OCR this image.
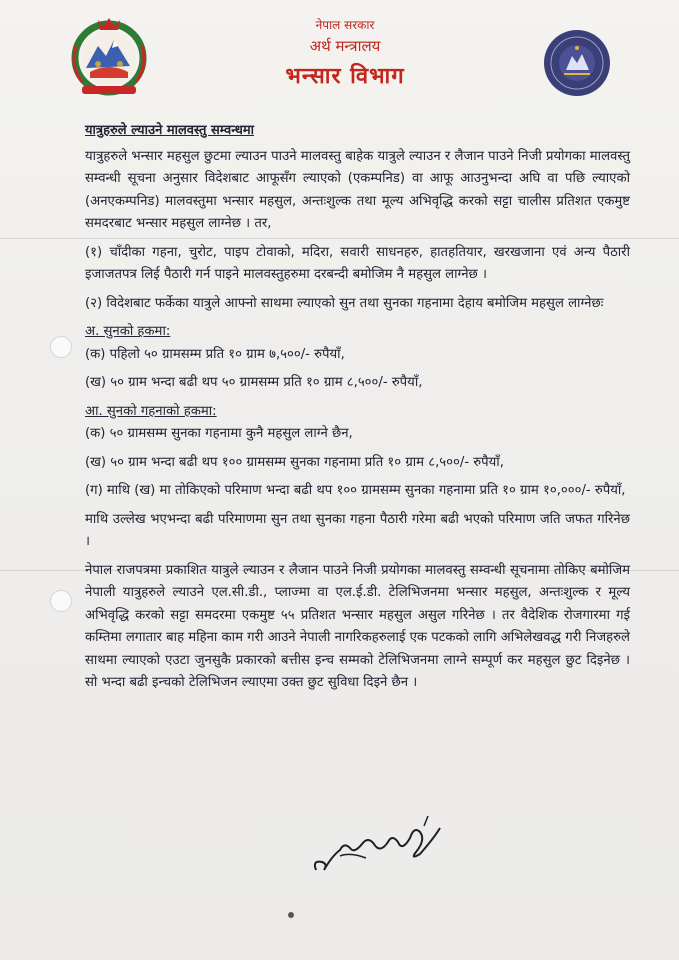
नेपाल सरकार
अर्थ मन्त्रालय
भन्सार विभाग
यात्रुहरुले ल्याउने मालवस्तु सम्वन्धमा

यात्रुहरुले भन्सार महसुल छुटमा ल्याउन पाउने मालवस्तु बाहेक यात्रुले ल्याउन र लैजान पाउने निजी प्रयोगका मालवस्तु सम्वन्धी सूचना अनुसार विदेशबाट आफूसँग ल्याएको (एकम्पनिड) वा आफू आउनुभन्दा अघि वा पछि ल्याएको (अनएकम्पनिड) मालवस्तुमा भन्सार महसुल, अन्तःशुल्क तथा मूल्य अभिवृद्धि करको सट्टा चालीस प्रतिशत एकमुष्ट समदरबाट भन्सार महसुल लाग्नेछ । तर,

(१) चाँदीका गहना, चुरोट, पाइप टोवाको, मदिरा, सवारी साधनहरु, हातहतियार, खरखजाना एवं अन्य पैठारी इजाजतपत्र लिई पैठारी गर्न पाइने मालवस्तुहरुमा दरबन्दी बमोजिम नै महसुल लाग्नेछ ।

(२) विदेशबाट फर्केका यात्रुले आफ्नो साथमा ल्याएको सुन तथा सुनका गहनामा देहाय बमोजिम महसुल लाग्नेछः

अ. सुनको हकमा:

(क) पहिलो ५० ग्रामसम्म प्रति १० ग्राम ७,५००/- रुपैयाँ,

(ख) ५० ग्राम भन्दा बढी थप ५० ग्रामसम्म प्रति १० ग्राम ८,५००/- रुपैयाँ,

आ. सुनको गहनाको हकमा:

(क) ५० ग्रामसम्म सुनका गहनामा कुनै महसुल लाग्ने छैन,

(ख) ५० ग्राम भन्दा बढी थप १०० ग्रामसम्म सुनका गहनामा प्रति १० ग्राम ८,५००/- रुपैयाँ,

(ग) माथि (ख) मा तोकिएको परिमाण भन्दा बढी थप १०० ग्रामसम्म सुनका गहनामा प्रति १० ग्राम १०,०००/- रुपैयाँ,

माथि उल्लेख भएभन्दा बढी परिमाणमा सुन तथा सुनका गहना पैठारी गरेमा बढी भएको परिमाण जति जफत गरिनेछ ।

नेपाल राजपत्रमा प्रकाशित यात्रुले ल्याउन र लैजान पाउने निजी प्रयोगका मालवस्तु सम्वन्धी सूचनामा तोकिए बमोजिम नेपाली यात्रुहरुले ल्याउने एल.सी.डी., प्लाज्मा वा एल.ई.डी. टेलिभिजनमा भन्सार महसुल, अन्तःशुल्क र मूल्य अभिवृद्धि करको सट्टा समदरमा एकमुष्ट ५५ प्रतिशत भन्सार महसुल असुल गरिनेछ । तर वैदेशिक रोजगारमा गई कम्तिमा लगातार बाह महिना काम गरी आउने नेपाली नागरिकहरुलाई एक पटकको लागि अभिलेखवद्ध गरी निजहरुले साथमा ल्याएको एउटा जुनसुकै प्रकारको बत्तीस इन्च सम्मको टेलिभिजनमा लाग्ने सम्पूर्ण कर महसुल छुट दिइनेछ । सो भन्दा बढी इन्चको टेलिभिजन ल्याएमा उक्त छुट सुविधा दिइने छैन ।
